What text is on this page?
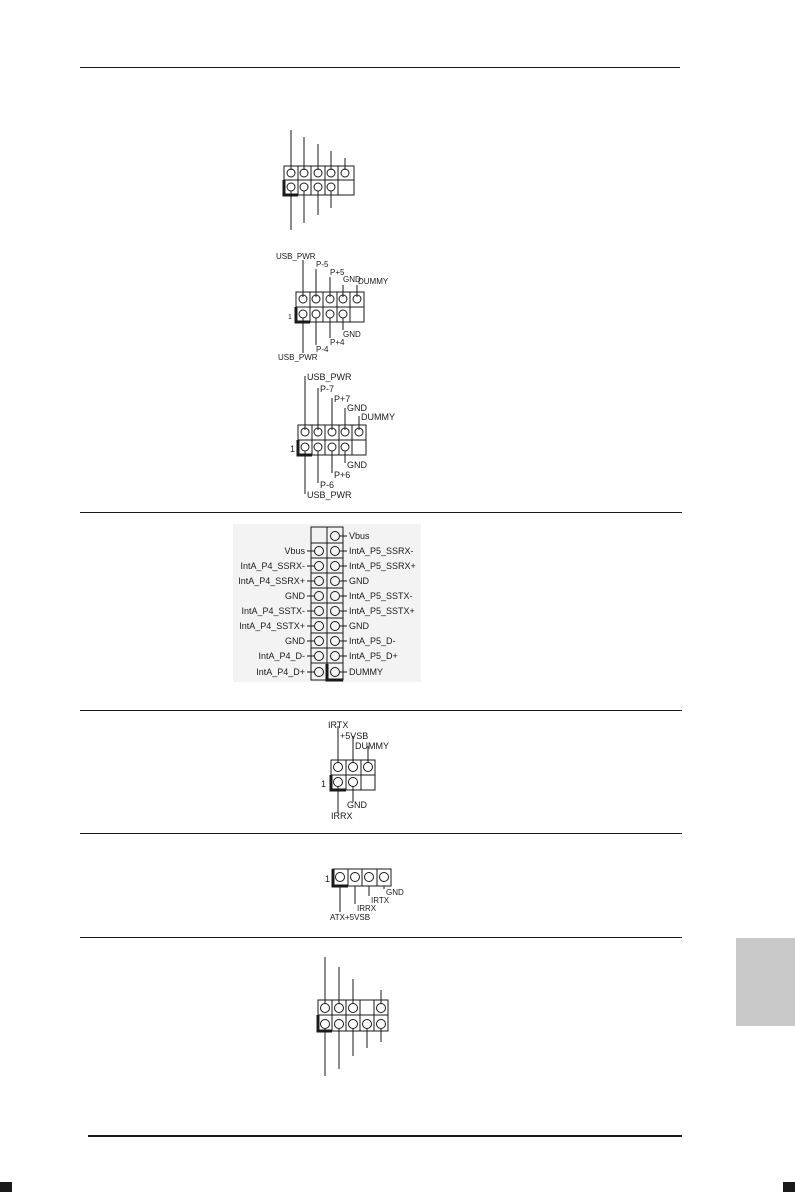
USB_PWR
P-5
P+5
GND
DUMMY
1
GND
P+4
P-4
USB_PWR
USB_PWR
P-7
P+7
GND
DUMMY
1
GND
P+6
P-6
USB_PWR
Vbus
IntA_P5_SSRX-
IntA_P5_SSRX+
GND
IntA_P5_SSTX-
IntA_P5_SSTX+
GND
IntA_P5_D-
IntA_P5_D+
DUMMY
Vbus
IntA_P4_SSRX-
IntA_P4_SSRX+
GND
IntA_P4_SSTX-
IntA_P4_SSTX+
GND
IntA_P4_D-
IntA_P4_D+
IRTX
+5VSB
DUMMY
1
GND
IRRX
1
GND
IRTX
IRRX
ATX+5VSB
